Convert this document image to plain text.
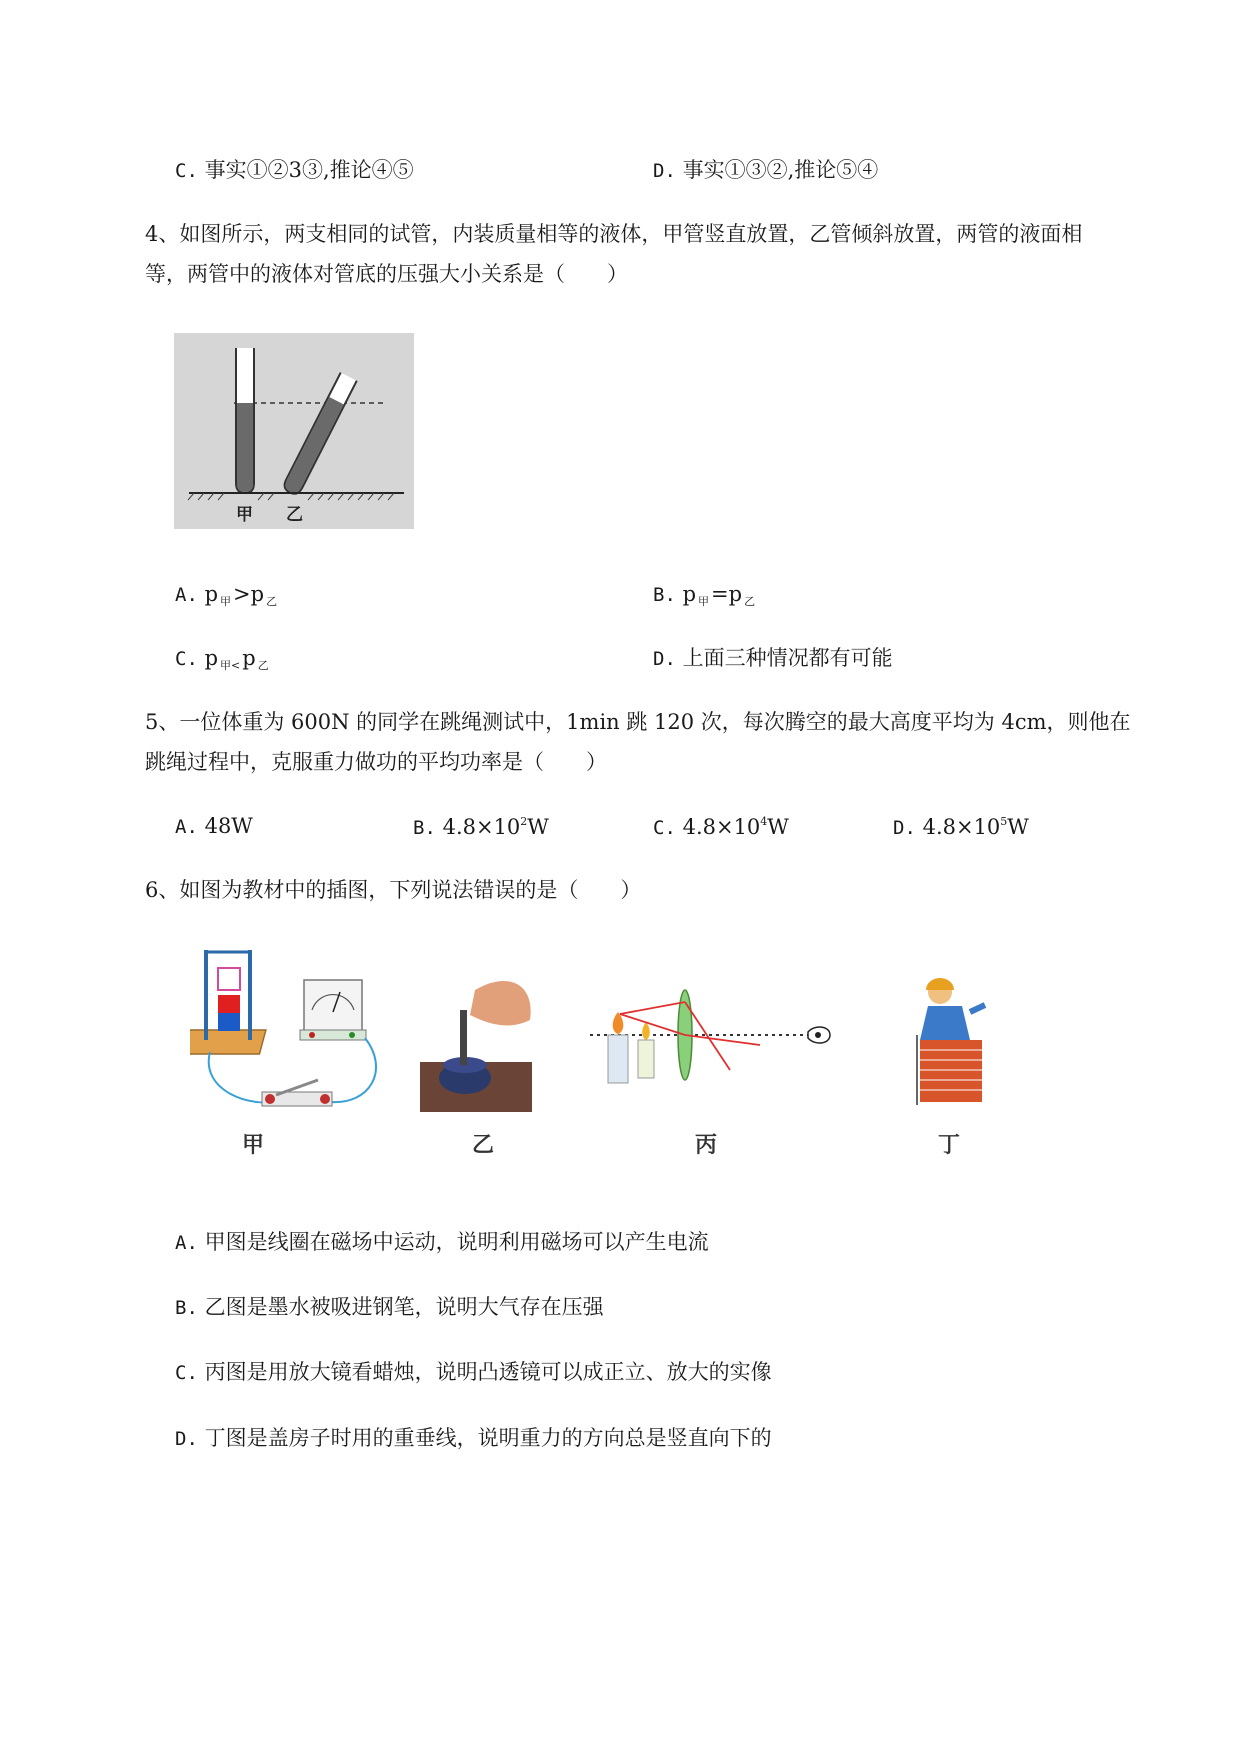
C. 事实①②3③,推论④⑤	D. 事实①③②,推论⑤④
4、如图所示，两支相同的试管，内装质量相等的液体，甲管竖直放置，乙管倾斜放置，两管的液面相
等，两管中的液体对管底的压强大小关系是（　　）
甲 乙
A. p $_甲$>p $_乙$	B. p $_甲$=p $_乙$
C. p $_{甲<}$p $_乙$	D. 上面三种情况都有可能
5、一位体重为 600N 的同学在跳绳测试中，1min 跳 120 次，每次腾空的最大高度平均为 4cm，则他在
跳绳过程中，克服重力做功的平均功率是（　　）
A. 48W	B. $4.8\times 10^2W$	C. $4.8\times 10^4W$	D. $4.8\times 10^5W$
6、如图为教材中的插图，下列说法错误的是（　　）
甲	乙	丙	丁
A. 甲图是线圈在磁场中运动，说明利用磁场可以产生电流
B. 乙图是墨水被吸进钢笔，说明大气存在压强
C. 丙图是用放大镜看蜡烛，说明凸透镜可以成正立、放大的实像
D. 丁图是盖房子时用的重垂线，说明重力的方向总是竖直向下的
